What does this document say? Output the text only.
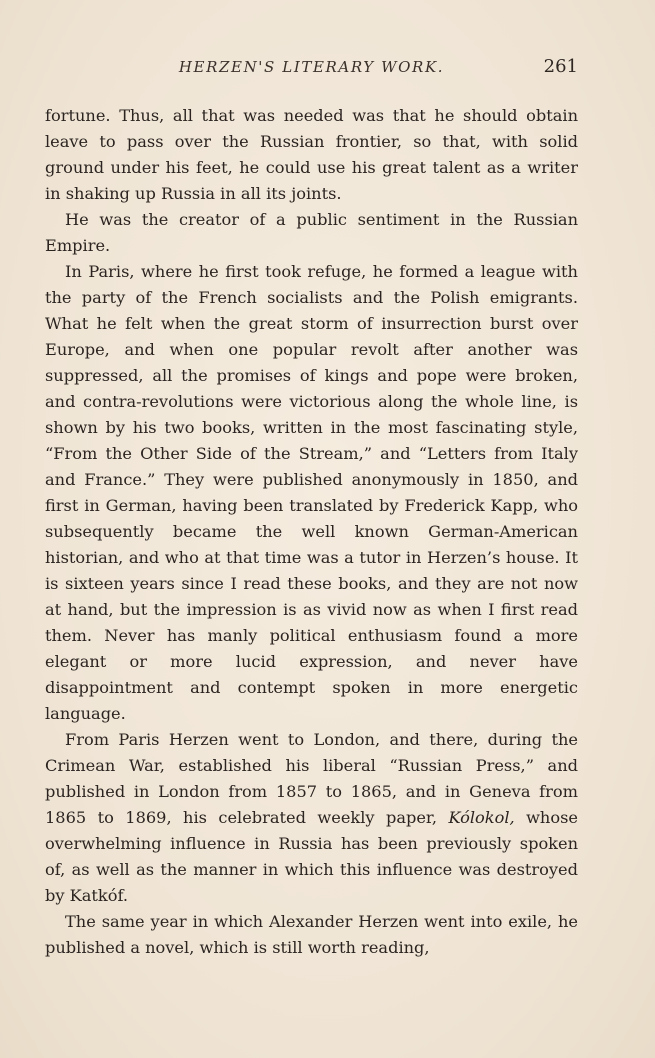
HERZEN'S LITERARY WORK.	261

fortune. Thus, all that was needed was that he should obtain leave to pass over the Russian frontier, so that, with solid ground under his feet, he could use his great talent as a writer in shaking up Russia in all its joints.

He was the creator of a public sentiment in the Russian Empire.

In Paris, where he first took refuge, he formed a league with the party of the French socialists and the Polish emigrants. What he felt when the great storm of insurrection burst over Europe, and when one popular revolt after another was suppressed, all the promises of kings and pope were broken, and contra-revolutions were victorious along the whole line, is shown by his two books, written in the most fascinating style, “From the Other Side of the Stream,” and “Letters from Italy and France.” They were published anonymously in 1850, and first in German, having been translated by Frederick Kapp, who subsequently became the well known German-American historian, and who at that time was a tutor in Herzen’s house. It is sixteen years since I read these books, and they are not now at hand, but the impression is as vivid now as when I first read them. Never has manly political enthusiasm found a more elegant or more lucid expression, and never have disappointment and contempt spoken in more energetic language.

From Paris Herzen went to London, and there, during the Crimean War, established his liberal “Russian Press,” and published in London from 1857 to 1865, and in Geneva from 1865 to 1869, his celebrated weekly paper, Kólokol, whose overwhelming influence in Russia has been previously spoken of, as well as the manner in which this influence was destroyed by Katkóf.

The same year in which Alexander Herzen went into exile, he published a novel, which is still worth reading,
